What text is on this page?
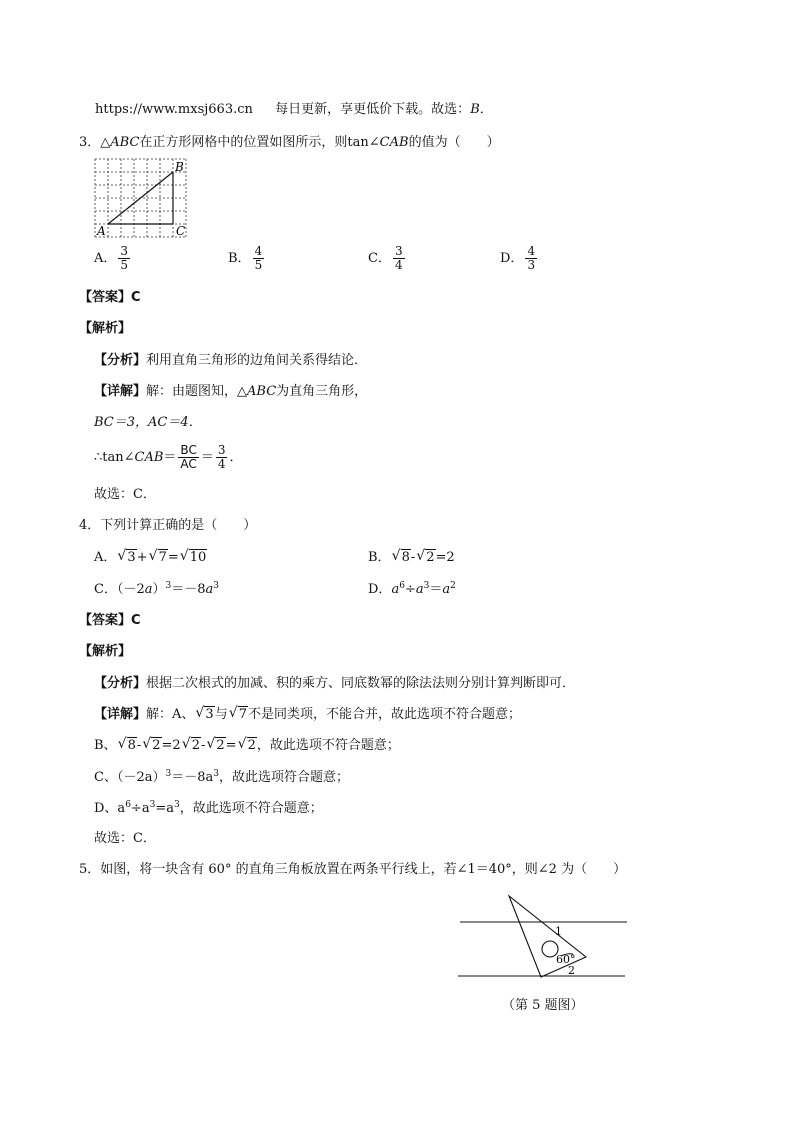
https://www.mxsj663.cn 每日更新，享更低价下载。故选：B．
3．△ABC在正方形网格中的位置如图所示，则tan∠CAB的值为（　　）
A
B
C
A． $\frac{3}{5}$	B． $\frac{4}{5}$	C． $\frac{3}{4}$	D． $\frac{4}{3}$
【答案】C
【解析】
【分析】利用直角三角形的边角间关系得结论．
【详解】解：由题图知，△ABC为直角三角形，
BC＝3，AC＝4．
∴tan∠CAB＝ $\frac{BC}{AC} = \frac{3}{4}$ ．
故选：C．
4．下列计算正确的是（　　）
A． √ 3+ √ 7= √ 10	B． √ 8- √ 2=2
C．$(-2a)^3=-8a^3$	D．$a^6\div a^3=a^2$
【答案】C
【解析】
【分析】根据二次根式的加减、积的乘方、同底数幂的除法法则分别计算判断即可．
【详解】解：A、 √ 3与 √ 7不是同类项，不能合并，故此选项不符合题意；
B、 √ 8- √ 2=2 √ 2- √ 2= √ 2，故此选项不符合题意；
C、$(-2a)^3=-8a^3$，故此选项符合题意；
D、$a^6\div a^3=a^3$，故此选项不符合题意；
故选：C．
5．如图，将一块含有 60° 的直角三角板放置在两条平行线上，若∠1＝40°，则∠2 为（　　）
1
60°
2
（第 5 题图）
